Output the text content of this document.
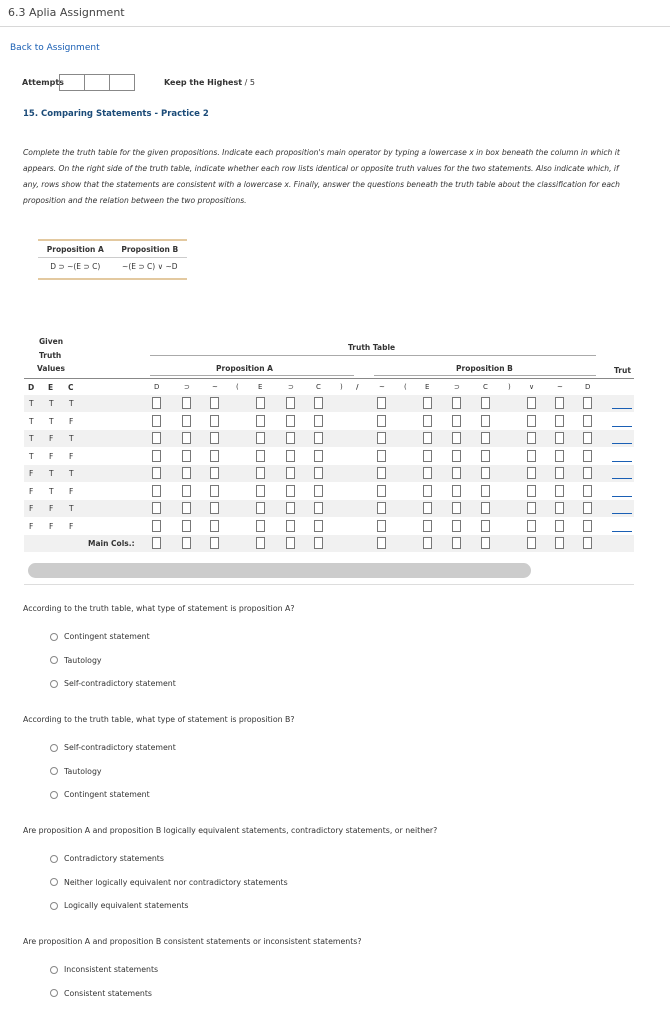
6.3 Aplia Assignment
Back to Assignment
Attempts	Keep the Highest / 5
15. Comparing Statements - Practice 2
Complete the truth table for the given propositions. Indicate each proposition's main operator by typing a lowercase x in box beneath the column in which it appears. On the right side of the truth table, indicate whether each row lists identical or opposite truth values for the two statements. Also indicate which, if any, rows show that the statements are consistent with a lowercase x. Finally, answer the questions beneath the truth table about the classification for each proposition and the relation between the two propositions.
Proposition A	Proposition B
D ⊃ ~(E ⊃ C)	~(E ⊃ C) ∨ ~D
Given
Truth
Values
Truth Table
Proposition A	Proposition B	Trut
D E C	D	⊃	~	(	E	⊃	C	) /	~	(	E	⊃	C	)	∨	~	D
T T T
T T F
T F T
T F F
F T T
F T F
F F T
F F F
Main Cols.:
According to the truth table, what type of statement is proposition A?
Contingent statement
Tautology
Self-contradictory statement
According to the truth table, what type of statement is proposition B?
Self-contradictory statement
Tautology
Contingent statement
Are proposition A and proposition B logically equivalent statements, contradictory statements, or neither?
Contradictory statements
Neither logically equivalent nor contradictory statements
Logically equivalent statements
Are proposition A and proposition B consistent statements or inconsistent statements?
Inconsistent statements
Consistent statements
